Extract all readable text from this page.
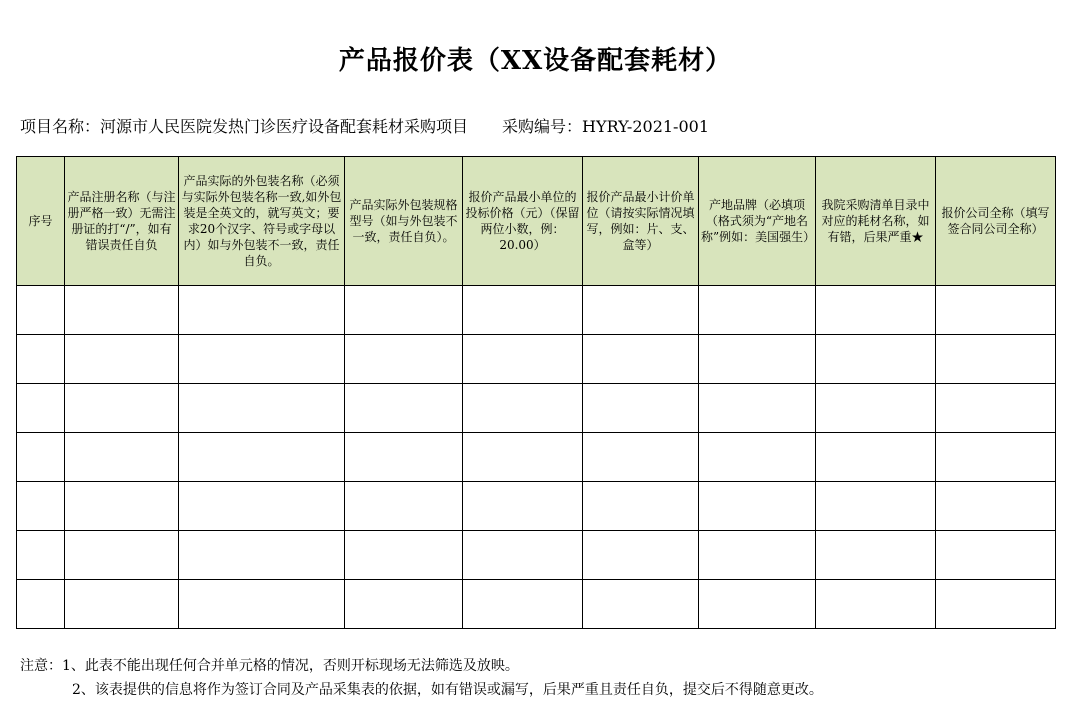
产品报价表（XX设备配套耗材）
项目名称：河源市人民医院发热门诊医疗设备配套耗材采购项目 采购编号：HYRY-2021-001
序号	产品注册名称（与注册严格一致）无需注册证的打“/”，如有错误责任自负	产品实际的外包装名称（必须与实际外包装名称一致,如外包装是全英文的，就写英文；要求20个汉字、符号或字母以内）如与外包装不一致，责任自负。	产品实际外包装规格型号（如与外包装不一致，责任自负）。	报价产品最小单位的投标价格（元）（保留两位小数，例：20.00）	报价产品最小计价单位（请按实际情况填写，例如：片、支、盒等）	产地品牌（必填项（格式须为“产地名称”例如：美国强生）	我院采购清单目录中对应的耗材名称，如有错，后果严重★	报价公司全称（填写签合同公司全称）

注意：1、此表不能出现任何合并单元格的情况，否则开标现场无法筛选及放映。
2、该表提供的信息将作为签订合同及产品采集表的依据，如有错误或漏写，后果严重且责任自负，提交后不得随意更改。
